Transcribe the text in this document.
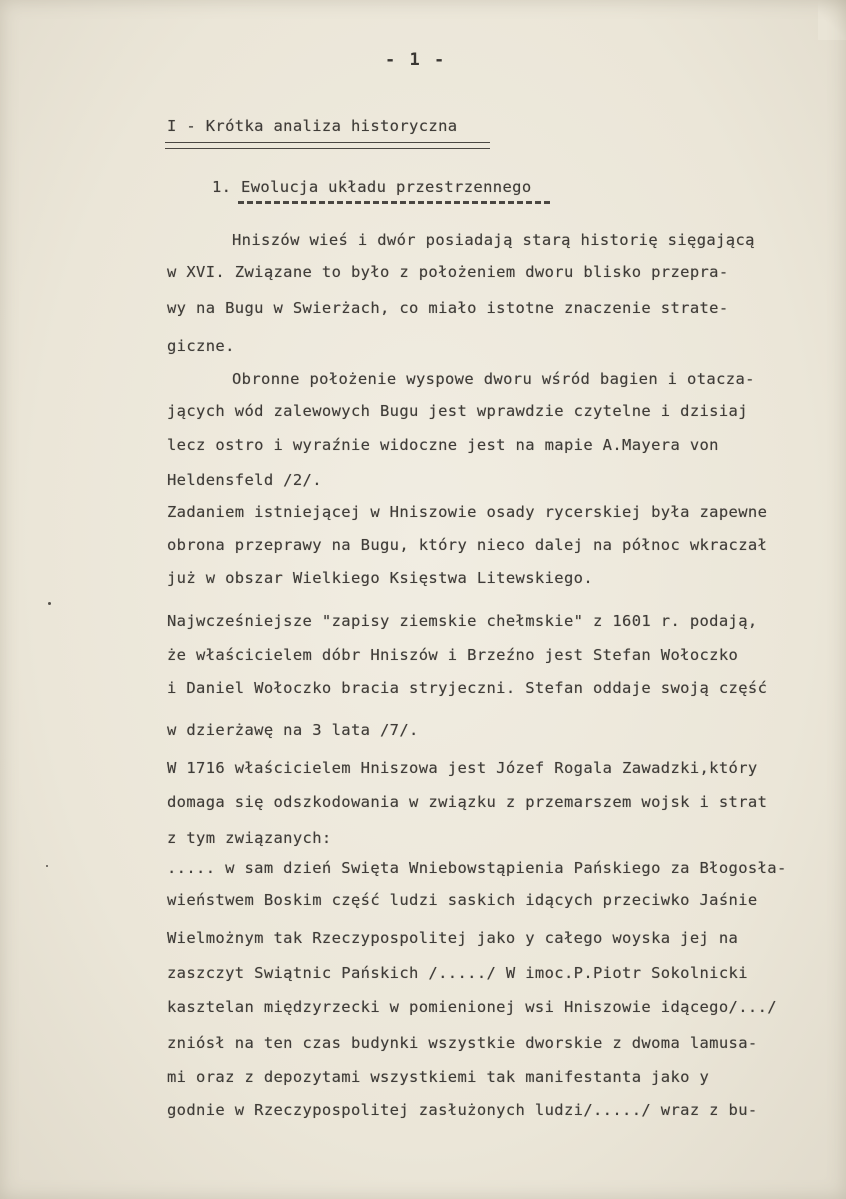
- 1 -
I - Krótka analiza historyczna
1. Ewolucja układu przestrzennego
Hniszów wieś i dwór posiadają starą historię sięgającą
w XVI. Związane to było z położeniem dworu blisko przepra-
wy na Bugu w Swierżach, co miało istotne znaczenie strate-
giczne.
Obronne położenie wyspowe dworu wśród bagien i otacza-
jących wód zalewowych Bugu jest wprawdzie czytelne i dzisiaj
lecz ostro i wyraźnie widoczne jest na mapie A.Mayera von
Heldensfeld /2/.
Zadaniem istniejącej w Hniszowie osady rycerskiej była zapewne
obrona przeprawy na Bugu, który nieco dalej na północ wkraczał
już w obszar Wielkiego Księstwa Litewskiego.
Najwcześniejsze "zapisy ziemskie chełmskie" z 1601 r. podają,
że właścicielem dóbr Hniszów i Brzeźno jest Stefan Wołoczko
i Daniel Wołoczko bracia stryjeczni. Stefan oddaje swoją część
w dzierżawę na 3 lata /7/.
W 1716 właścicielem Hniszowa jest Józef Rogala Zawadzki,który
domaga się odszkodowania w związku z przemarszem wojsk i strat
z tym związanych:
..... w sam dzień Swięta Wniebowstąpienia Pańskiego za Błogosła-
wieństwem Boskim część ludzi saskich idących przeciwko Jaśnie
Wielmożnym tak Rzeczypospolitej jako y całego woyska jej na
zaszczyt Swiątnic Pańskich /...../ W imoc.P.Piotr Sokolnicki
kasztelan międzyrzecki w pomienionej wsi Hniszowie idącego/.../
zniósł na ten czas budynki wszystkie dworskie z dwoma lamusa-
mi oraz z depozytami wszystkiemi tak manifestanta jako y
godnie w Rzeczypospolitej zasłużonych ludzi/...../ wraz z bu-
